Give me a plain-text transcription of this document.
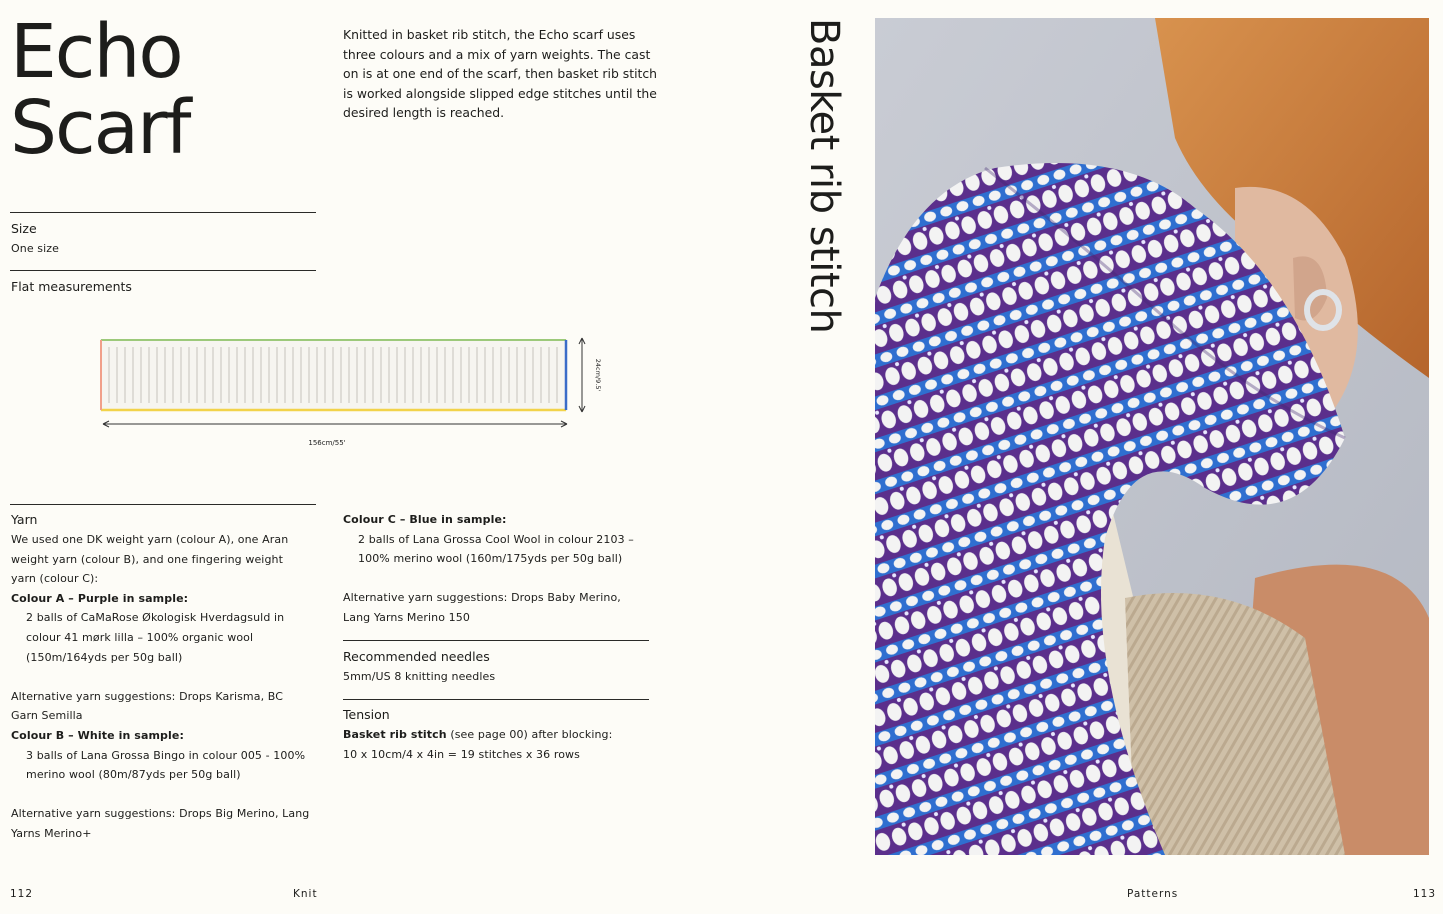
Echo
Scarf
Knitted in basket rib stitch, the Echo scarf uses three colours and a mix of yarn weights. The cast on is at one end of the scarf, then basket rib stitch is worked alongside slipped edge stitches until the desired length is reached.
Size
One size
Flat measurements
156cm/55'
24cm/9.5'
Yarn
We used one DK weight yarn (colour A), one Aran weight yarn (colour B), and one fingering weight yarn (colour C):
Colour A – Purple in sample:
2 balls of CaMaRose Økologisk Hverdagsuld in colour 41 mørk lilla – 100% organic wool (150m/164yds per 50g ball)
Alternative yarn suggestions: Drops Karisma, BC Garn Semilla
Colour B – White in sample:
3 balls of Lana Grossa Bingo in colour 005 - 100% merino wool (80m/87yds per 50g ball)
Alternative yarn suggestions: Drops Big Merino, Lang Yarns Merino+
Colour C – Blue in sample:
2 balls of Lana Grossa Cool Wool in colour 2103 – 100% merino wool (160m/175yds per 50g ball)
Alternative yarn suggestions: Drops Baby Merino, Lang Yarns Merino 150
Recommended needles
5mm/US 8 knitting needles
Tension
Basket rib stitch (see page 00) after blocking:
10 x 10cm/4 x 4in = 19 stitches x 36 rows
Basket rib stitch
112	Knit	Patterns	113
